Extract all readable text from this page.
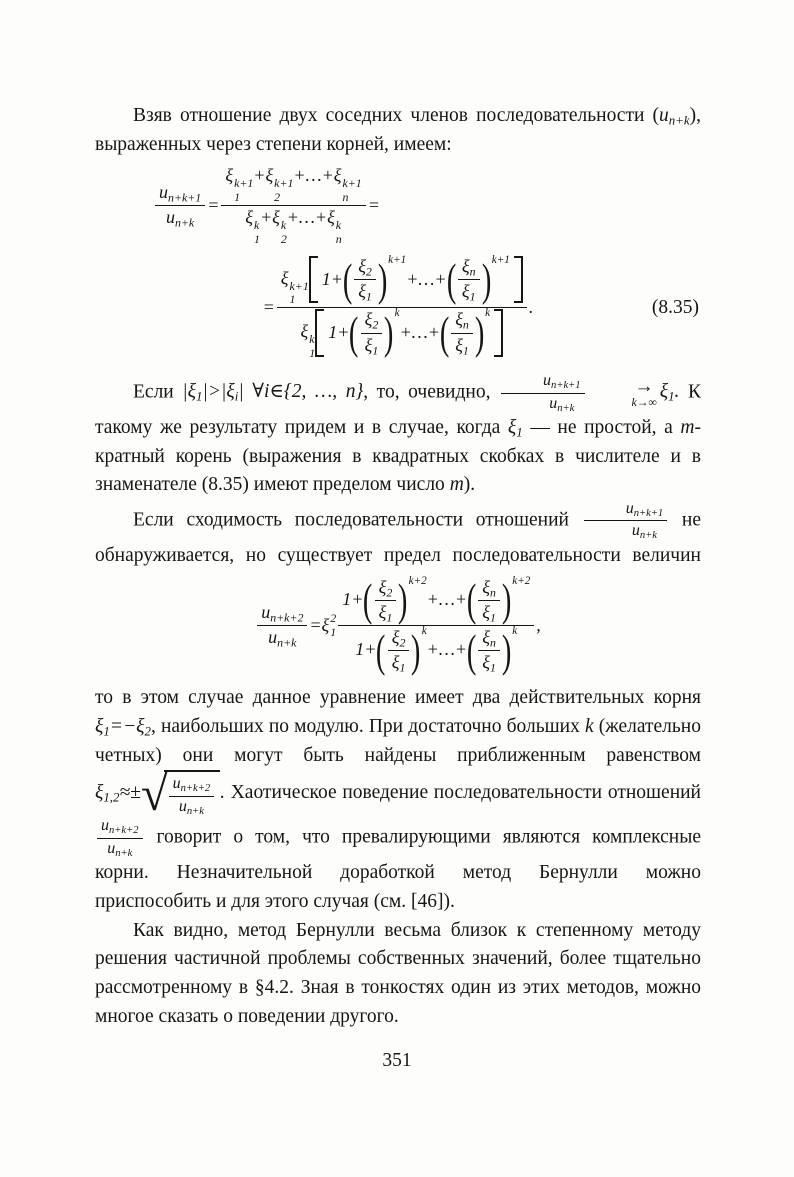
Взяв отношение двух соседних членов последовательности $(u_{n+k})$, выраженных через степени корней, имеем:

$\frac{u_{n+k+1}}{u_{n+k}} = \xi$ k+1
1
+ξ k+1
2
+…+ξ k+1
n
ξ k
1
+ξ k
2
+…+ξ k
n =
= ξ k+1
1
1+ ( $\frac{\xi_2}{\xi_1} )^{k+1}$
+…+ ( $\frac{\xi_n}{\xi_1} )^{k+1}$
ξ k
1
1+ ( $\frac{\xi_2}{\xi_1} )^k$
+…+ ( $\frac{\xi_n}{\xi_1} )^k$ .	(8.35)

Если $|\xi_1|>|\xi_i|$ ∀i∈{2, …, n}, то, очевидно, $\frac{u_{n+k+1}}{u_{n+k}}$	→
k→∞
$\xi_1$. К такому же результату придем и в случае, когда $\xi_1$ — не простой, а m-кратный корень (выражения в квадратных скобках в числителе и в знаменателе (8.35) имеют пределом число m).

Если сходимость последовательности отношений $\frac{u_{n+k+1}}{u_{n+k}}$ не обнаруживается, но существует предел последовательности величин

$\frac{u_{n+k+2}}{u_{n+k}} =\xi$ 2
1 1+ ( $\frac{\xi_2}{\xi_1} )^{k+2}$
+…+ ( $\frac{\xi_n}{\xi_1} )^{k+2}$
1+ ( $\frac{\xi_2}{\xi_1} )^k$
+…+ ( $\frac{\xi_n}{\xi_1} )^k$ ,

то в этом случае данное уравнение имеет два действительных корня $\xi_1=-\xi_2$, наибольших по модулю. При достаточно больших k (желательно четных) они могут быть найдены приближенным равенством $\xi_{1,2}\approx\pm$ √ $\frac{u_{n+k+2}}{u_{n+k}}$ . Хаотическое поведение последовательности отношений
$\frac{u_{n+k+2}}{u_{n+k}}$ говорит о том, что превалирующими являются комплексные корни. Незначительной доработкой метод Бернулли можно приспособить и для этого случая (см. [46]).

Как видно, метод Бернулли весьма близок к степенному методу решения частичной проблемы собственных значений, более тщательно рассмотренному в §4.2. Зная в тонкостях один из этих методов, можно многое сказать о поведении другого.

351
